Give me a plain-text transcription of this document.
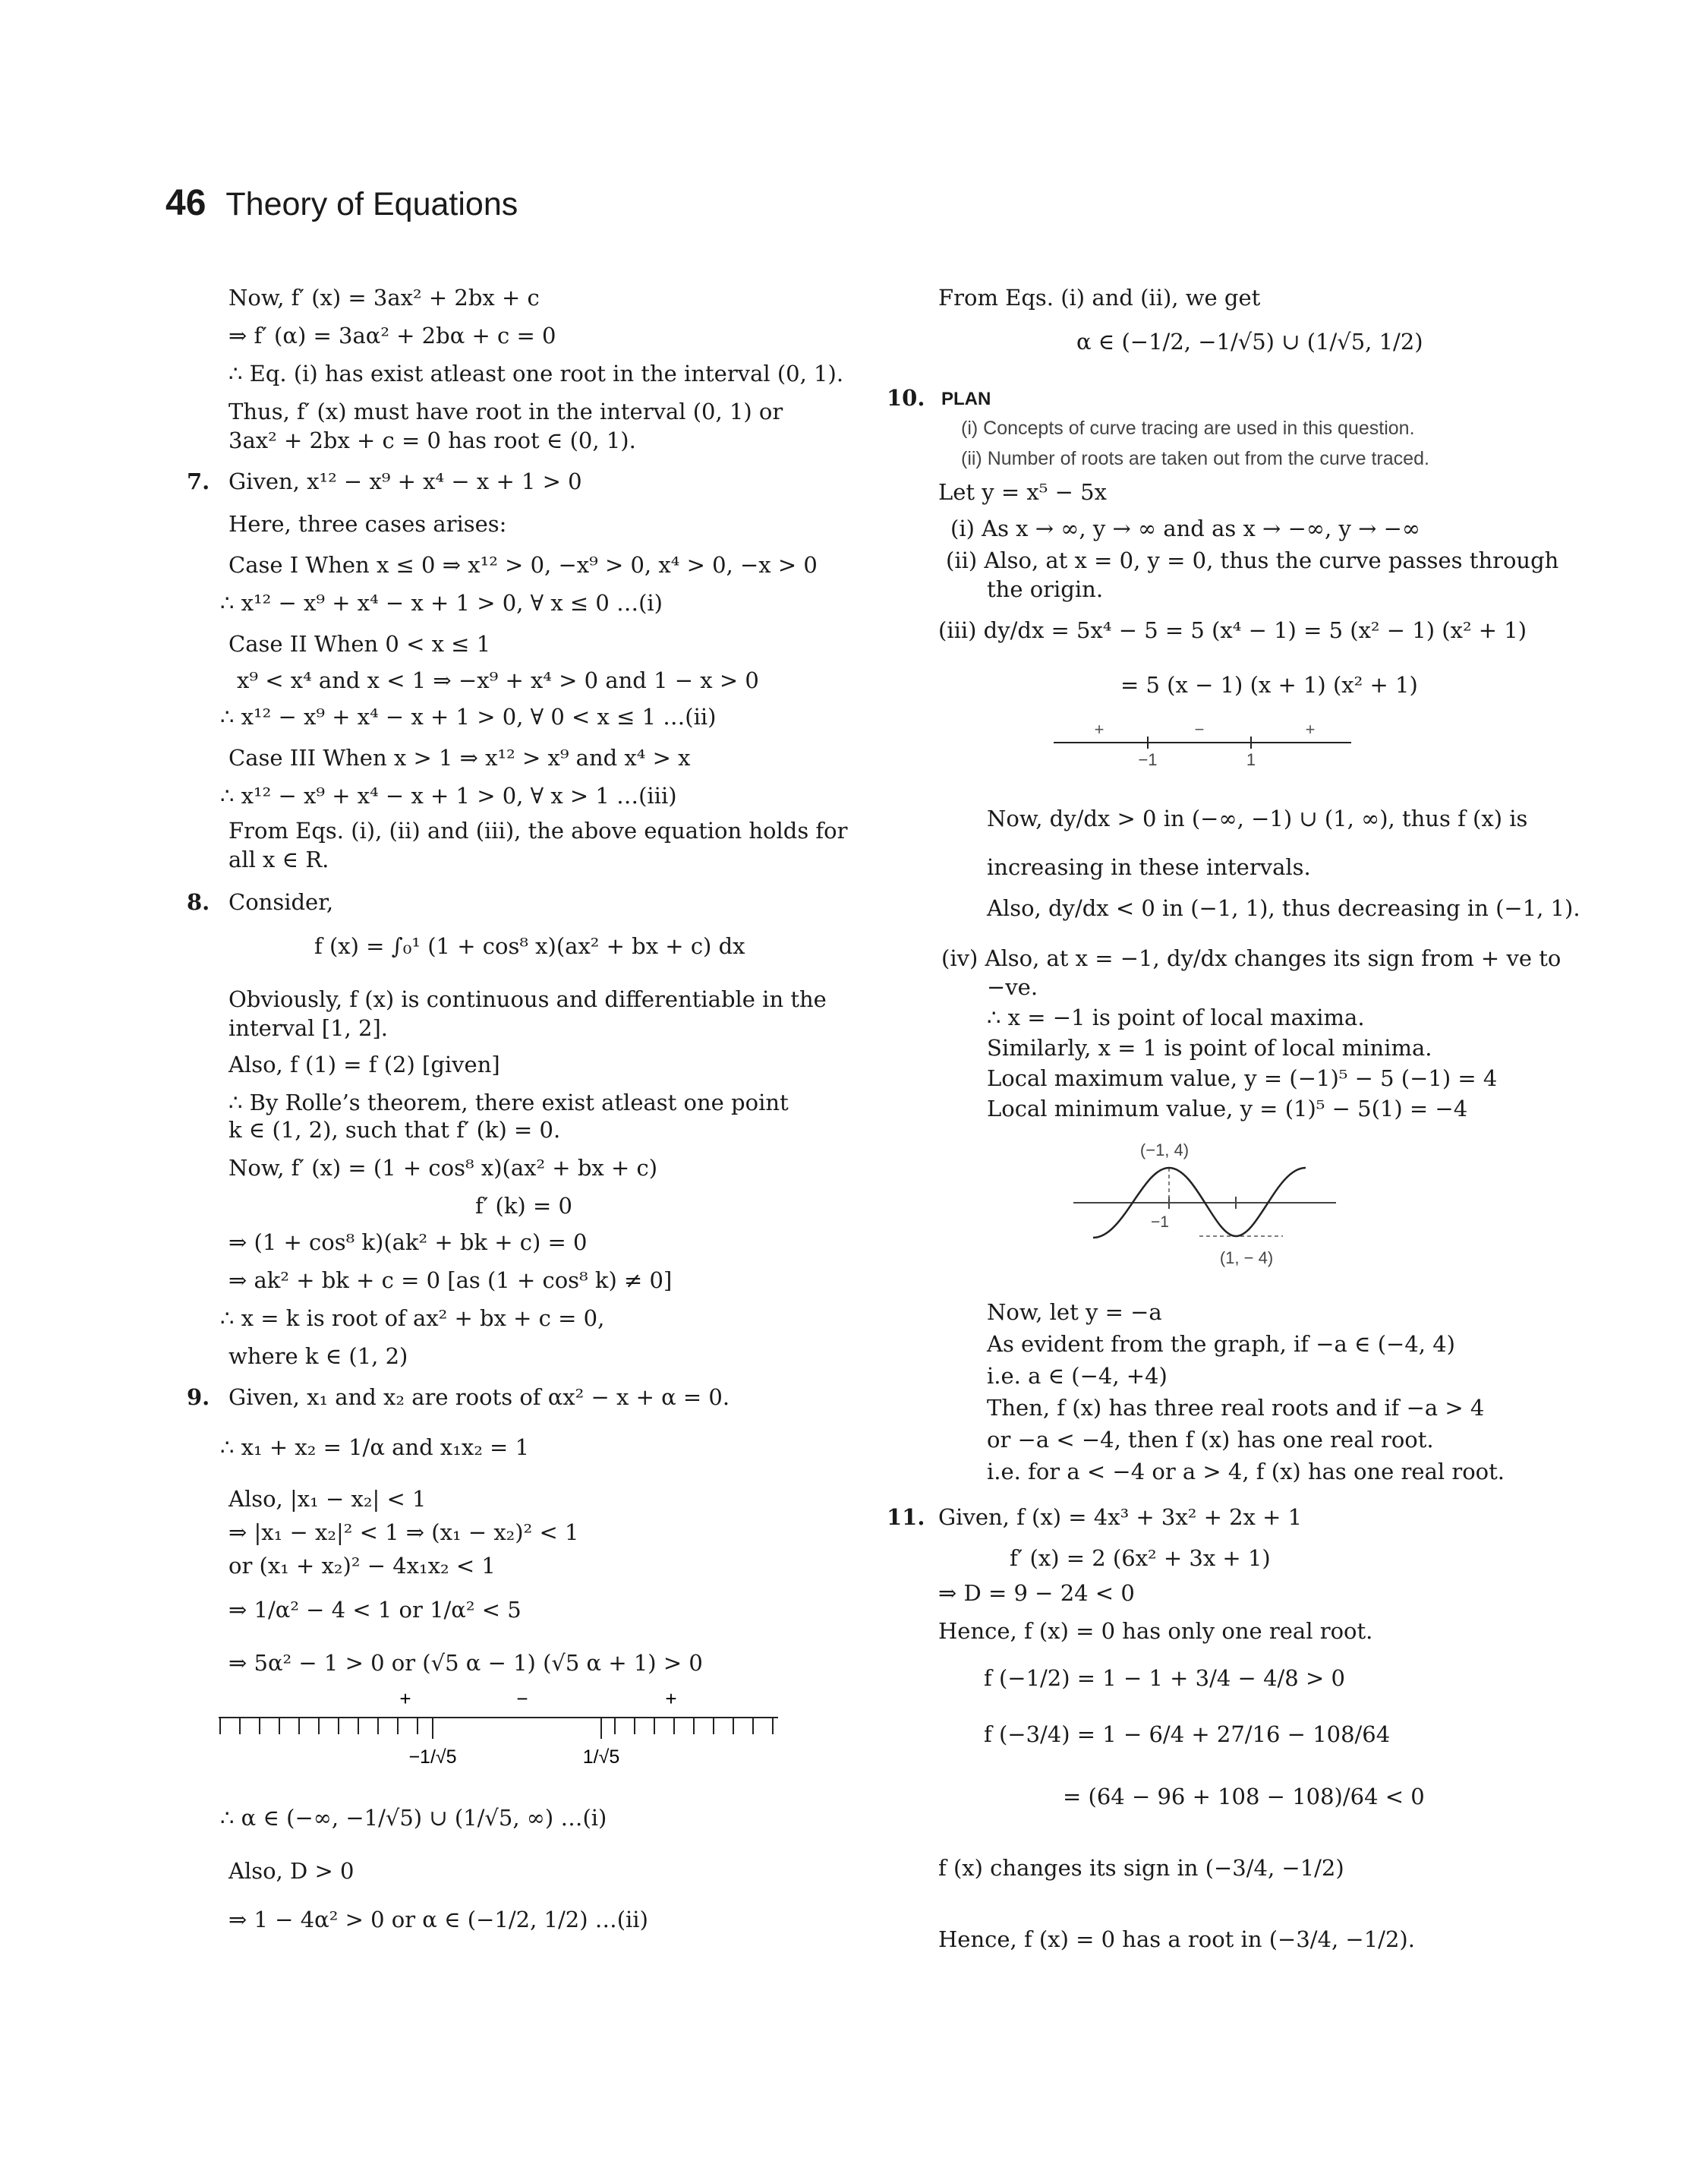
46 Theory of Equations
Now, f′ (x) = 3ax² + 2bx + c
⇒ f′ (α) = 3aα² + 2bα + c = 0
∴ Eq. (i) has exist atleast one root in the interval (0, 1).
Thus, f′ (x) must have root in the interval (0, 1) or
3ax² + 2bx + c = 0 has root ∈ (0, 1).
7. Given, x¹² − x⁹ + x⁴ − x + 1 > 0
Here, three cases arises:
Case I When x ≤ 0 ⇒ x¹² > 0, −x⁹ > 0, x⁴ > 0, −x > 0
∴ x¹² − x⁹ + x⁴ − x + 1 > 0, ∀ x ≤ 0 …(i)
Case II When 0 < x ≤ 1
x⁹ < x⁴ and x < 1 ⇒ −x⁹ + x⁴ > 0 and 1 − x > 0
∴ x¹² − x⁹ + x⁴ − x + 1 > 0, ∀ 0 < x ≤ 1 …(ii)
Case III When x > 1 ⇒ x¹² > x⁹ and x⁴ > x
∴ x¹² − x⁹ + x⁴ − x + 1 > 0, ∀ x > 1 …(iii)
From Eqs. (i), (ii) and (iii), the above equation holds for
all x ∈ R.
8. Consider,
f (x) = ∫₀¹ (1 + cos⁸ x)(ax² + bx + c) dx
Obviously, f (x) is continuous and differentiable in the
interval [1, 2].
Also, f (1) = f (2) [given]
∴ By Rolle’s theorem, there exist atleast one point
k ∈ (1, 2), such that f′ (k) = 0.
Now, f′ (x) = (1 + cos⁸ x)(ax² + bx + c)
f′ (k) = 0
⇒ (1 + cos⁸ k)(ak² + bk + c) = 0
⇒ ak² + bk + c = 0 [as (1 + cos⁸ k) ≠ 0]
∴ x = k is root of ax² + bx + c = 0,
where k ∈ (1, 2)
9. Given, x₁ and x₂ are roots of αx² − x + α = 0.
∴ x₁ + x₂ = 1/α and x₁x₂ = 1
Also, |x₁ − x₂| < 1
⇒ |x₁ − x₂|² < 1 ⇒ (x₁ − x₂)² < 1
or (x₁ + x₂)² − 4x₁x₂ < 1
⇒ 1/α² − 4 < 1 or 1/α² < 5
⇒ 5α² − 1 > 0 or (√5 α − 1) (√5 α + 1) > 0
+	−	+
−1/√5	1/√5
∴ α ∈ (−∞, −1/√5) ∪ (1/√5, ∞) …(i)
Also, D > 0
⇒ 1 − 4α² > 0 or α ∈ (−1/2, 1/2) …(ii)
From Eqs. (i) and (ii), we get
α ∈ (−1/2, −1/√5) ∪ (1/√5, 1/2)
10. PLAN
(i) Concepts of curve tracing are used in this question.
(ii) Number of roots are taken out from the curve traced.
Let y = x⁵ − 5x
(i) As x → ∞, y → ∞ and as x → −∞, y → −∞
(ii) Also, at x = 0, y = 0, thus the curve passes through
the origin.
(iii) dy/dx = 5x⁴ − 5 = 5 (x⁴ − 1) = 5 (x² − 1) (x² + 1)
= 5 (x − 1) (x + 1) (x² + 1)
+	−	+
−1	1
Now, dy/dx > 0 in (−∞, −1) ∪ (1, ∞), thus f (x) is
increasing in these intervals.
Also, dy/dx < 0 in (−1, 1), thus decreasing in (−1, 1).
(iv) Also, at x = −1, dy/dx changes its sign from + ve to
−ve.
∴ x = −1 is point of local maxima.
Similarly, x = 1 is point of local minima.
Local maximum value, y = (−1)⁵ − 5 (−1) = 4
Local minimum value, y = (1)⁵ − 5(1) = −4
(−1, 4)
−1
(1, − 4)
Now, let y = −a
As evident from the graph, if −a ∈ (−4, 4)
i.e. a ∈ (−4, +4)
Then, f (x) has three real roots and if −a > 4
or −a < −4, then f (x) has one real root.
i.e. for a < −4 or a > 4, f (x) has one real root.
11. Given, f (x) = 4x³ + 3x² + 2x + 1
f′ (x) = 2 (6x² + 3x + 1)
⇒ D = 9 − 24 < 0
Hence, f (x) = 0 has only one real root.
f (−1/2) = 1 − 1 + 3/4 − 4/8 > 0
f (−3/4) = 1 − 6/4 + 27/16 − 108/64
= (64 − 96 + 108 − 108)/64 < 0
f (x) changes its sign in (−3/4, −1/2)
Hence, f (x) = 0 has a root in (−3/4, −1/2).
